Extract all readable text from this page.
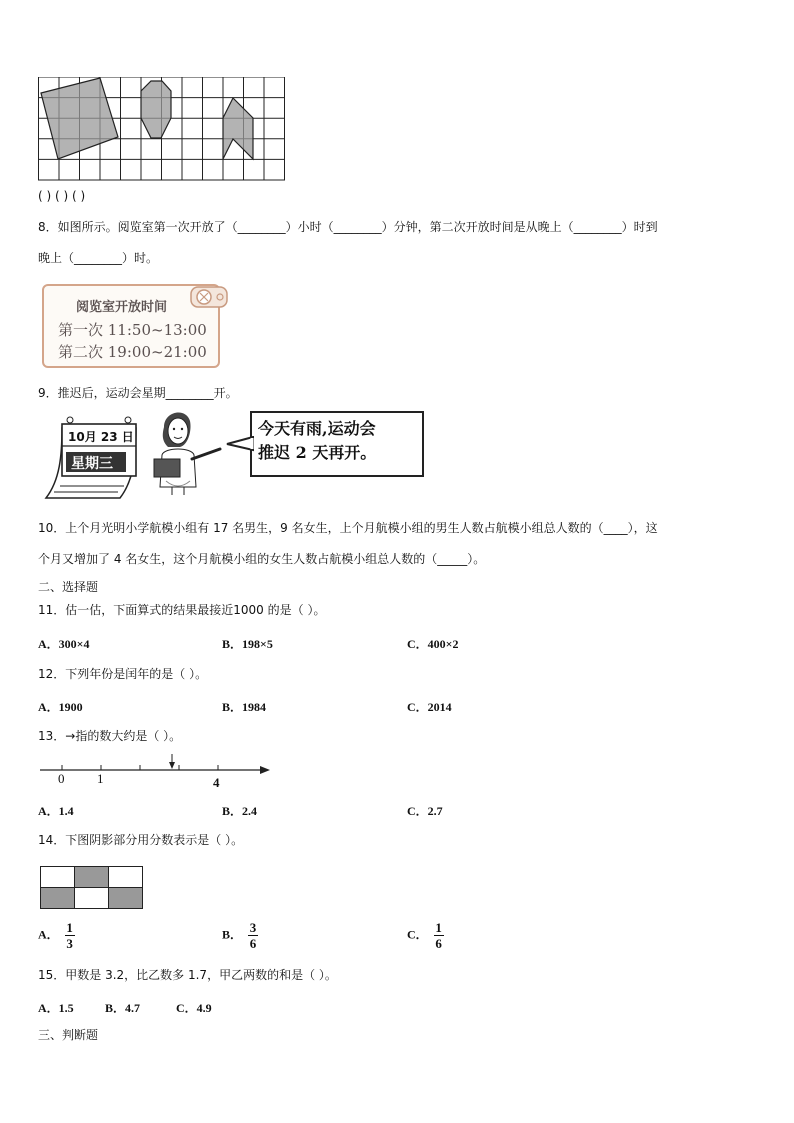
( ) ( ) ( )
8．如图所示。阅览室第一次开放了（________）小时（________）分钟，第二次开放时间是从晚上（________）时到
晚上（________）时。
阅览室开放时间
第一次 11:50~13:00
第二次 19:00~21:00
9．推迟后，运动会星期________开。
10月 23 日
星期三
今天有雨,运动会
推迟 2 天再开。
10．上个月光明小学航模小组有 17 名男生，9 名女生，上个月航模小组的男生人数占航模小组总人数的（____），这
个月又增加了 4 名女生，这个月航模小组的女生人数占航模小组总人数的（_____）。
二、选择题
11．估一估，下面算式的结果最接近1000 的是（ ）。
A．300×4	B．198×5	C．400×2
12．下列年份是闰年的是（ ）。
A．1900	B．1984	C．2014
13．→指的数大约是（ ）。
0	1	4
A．1.4	B．2.4	C．2.7
14．下图阴影部分用分数表示是（ ）。
A． $\frac{1}{3}$	B． $\frac{3}{6}$	C． $\frac{1}{6}$
15．甲数是 3.2，比乙数多 1.7，甲乙两数的和是（ ）。
A．1.5	B．4.7	C．4.9
三、判断题
